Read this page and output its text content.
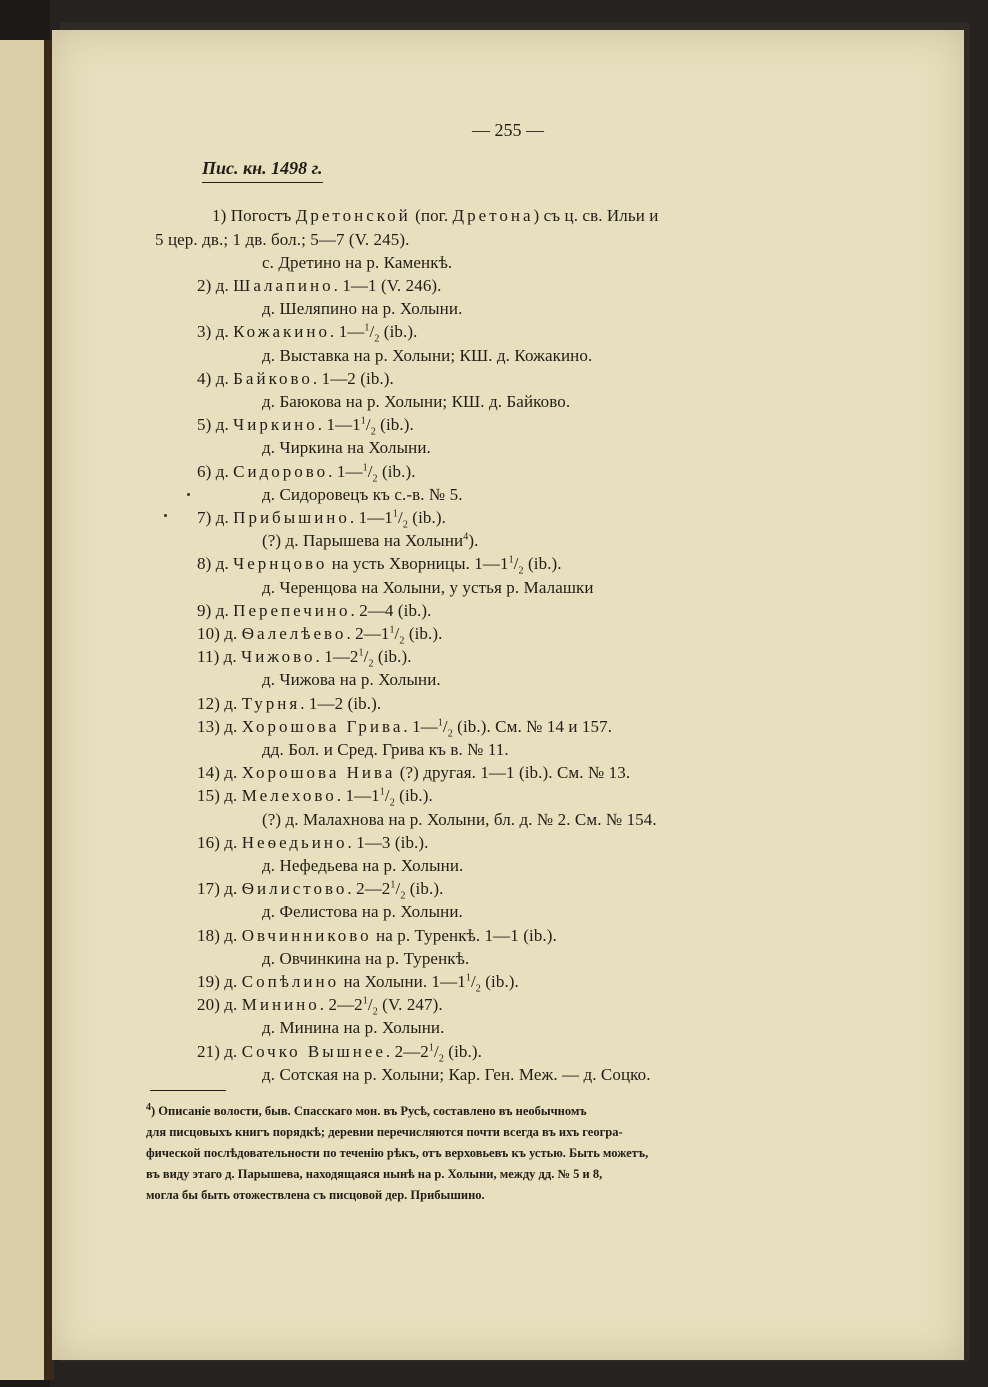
— 255 —
Пис. кн. 1498 г.
1) Погостъ Дретонской (пог. Дретона) съ ц. св. Ильи и
5 цер. дв.; 1 дв. бол.; 5—7 (V. 245).
с. Дретино на р. Каменкѣ.
2) д. Шалапино. 1—1 (V. 246).
д. Шеляпино на р. Холыни.
3) д. Кожакино. $1—^1/_2$ (ib.).
д. Выставка на р. Холыни; КШ. д. Кожакино.
4) д. Байково. 1—2 (ib.).
д. Баюкова на р. Холыни; КШ. д. Байково.
5) д. Чиркино. $1—1^1/_2$ (ib.).
д. Чиркина на Холыни.
6) д. Сидорово. $1—^1/_2$ (ib.).
д. Сидоровецъ къ с.-в. № 5.
7) д. Прибышино. $1—1^1/_2$ (ib.).
(?) д. Парышева на Холыни$^4$).
8) д. Чернцово на усть Хворницы. $1—1^1/_2$ (ib.).
д. Черенцова на Холыни, у устья р. Малашки
9) д. Перепечино. 2—4 (ib.).
10) д. Ѳалелѣево. $2—1^1/_2$ (ib.).
11) д. Чижово. $1—2^1/_2$ (ib.).
д. Чижова на р. Холыни.
12) д. Турня. 1—2 (ib.).
13) д. Хорошова Грива. $1—^1/_2$ (ib.). См. № 14 и 157.
дд. Бол. и Сред. Грива къ в. № 11.
14) д. Хорошова Нива (?) другая. 1—1 (ib.). См. № 13.
15) д. Мелехово. $1—1^1/_2$ (ib.).
(?) д. Малахнова на р. Холыни, бл. д. № 2. См. № 154.
16) д. Неѳедьино. 1—3 (ib.).
д. Нефедьева на р. Холыни.
17) д. Ѳилистово. $2—2^1/_2$ (ib.).
д. Фелистова на р. Холыни.
18) д. Овчинниково на р. Туренкѣ. 1—1 (ib.).
д. Овчинкина на р. Туренкѣ.
19) д. Сопѣлино на Холыни. $1—1^1/_2$ (ib.).
20) д. Минино. $2—2^1/_2$ (V. 247).
д. Минина на р. Холыни.
21) д. Сочко Вышнее. $2—2^1/_2$ (ib.).
д. Сотская на р. Холыни; Кар. Ген. Меж. — д. Соцко.
$^4$) Описаніе волости, быв. Спасскаго мон. въ Русѣ, составлено въ необычномъ
для писцовыхъ книгъ порядкѣ; деревни перечисляются почти всегда въ ихъ геогра-
фической послѣдовательности по теченію рѣкъ, отъ верховьевъ къ устью. Быть можетъ,
въ виду этаго д. Парышева, находящаяся нынѣ на р. Холыни, между дд. № 5 и 8,
могла бы быть отожествлена съ писцовой дер. Прибышино.
